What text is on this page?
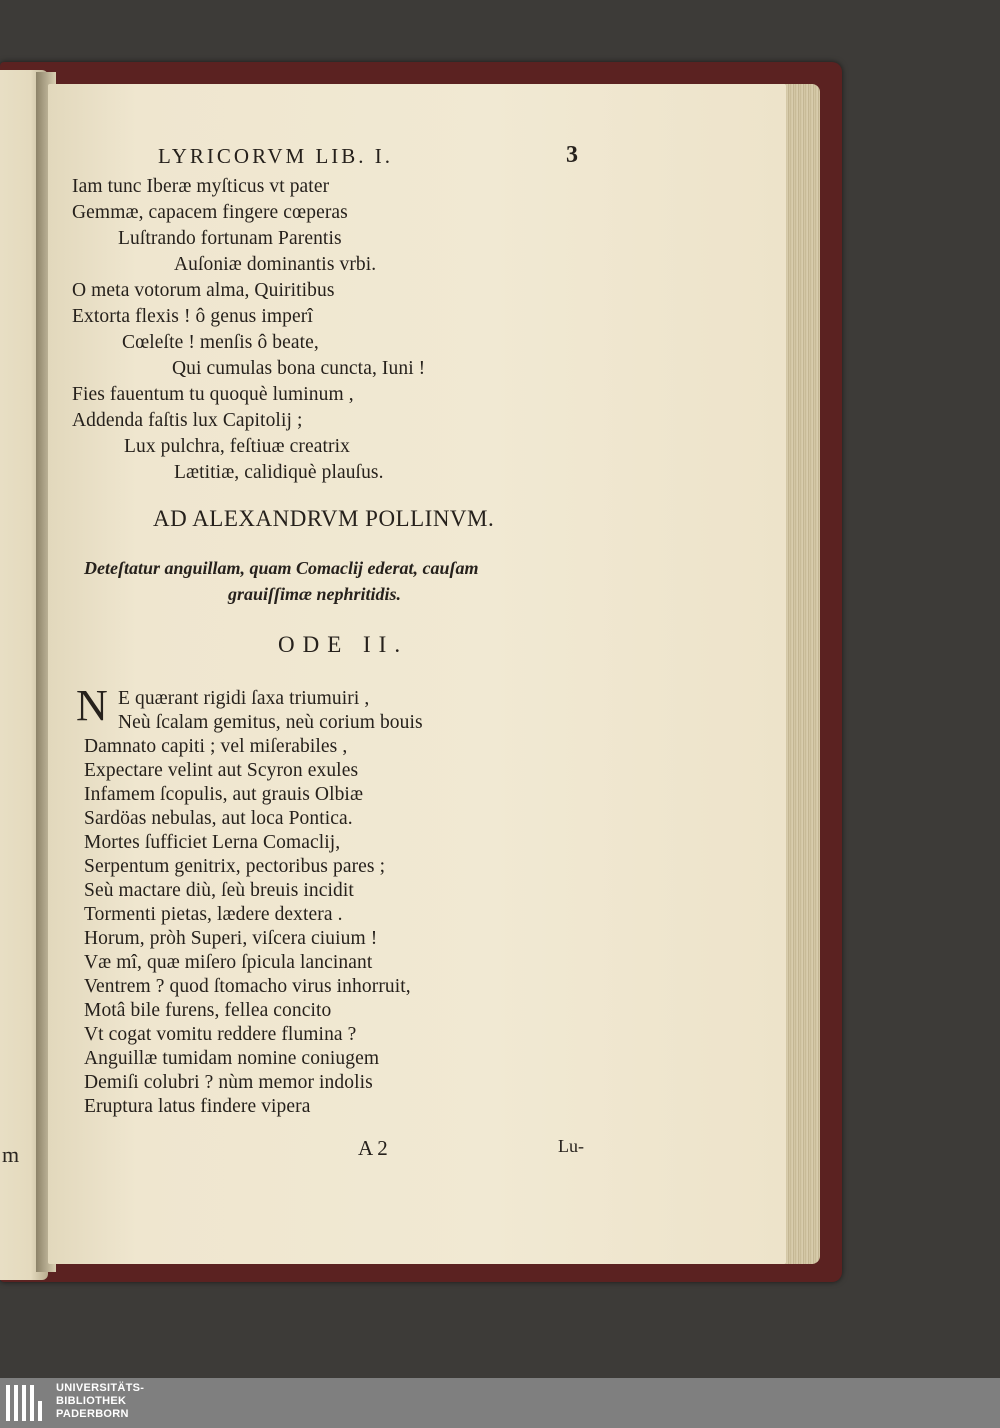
m
LYRICORVM LIB. I.	3
Iam tunc Iberæ myſticus vt pater
Gemmæ, capacem fingere cœperas
Luſtrando fortunam Parentis
Auſoniæ dominantis vrbi.
O meta votorum alma, Quiritibus
Extorta flexis ! ô genus imperî
Cœleſte ! menſis ô beate,
Qui cumulas bona cuncta, Iuni !
Fies fauentum tu quoquè luminum ,
Addenda faſtis lux Capitolij ;
Lux pulchra, feſtiuæ creatrix
Lætitiæ, calidiquè plauſus.
AD ALEXANDRVM POLLINVM.
Deteſtatur anguillam, quam Comaclij ederat, cauſam
grauiſſimæ nephritidis.
ODE II.
N E quærant rigidi ſaxa triumuiri ,
Neù ſcalam gemitus, neù corium bouis
Damnato capiti ; vel miſerabiles ,
Expectare velint aut Scyron exules
Infamem ſcopulis, aut grauis Olbiæ
Sardöas nebulas, aut loca Pontica.
Mortes ſufficiet Lerna Comaclij,
Serpentum genitrix, pectoribus pares ;
Seù mactare diù, ſeù breuis incidit
Tormenti pietas, lædere dextera .
Horum, pròh Superi, viſcera ciuium !
Væ mî, quæ miſero ſpicula lancinant
Ventrem ? quod ſtomacho virus inhorruit,
Motâ bile furens, fellea concito
Vt cogat vomitu reddere flumina ?
Anguillæ tumidam nomine coniugem
Demiſi colubri ? nùm memor indolis
Eruptura latus findere vipera
A 2	Lu-
UNIVERSITÄTS-
BIBLIOTHEK
PADERBORN
